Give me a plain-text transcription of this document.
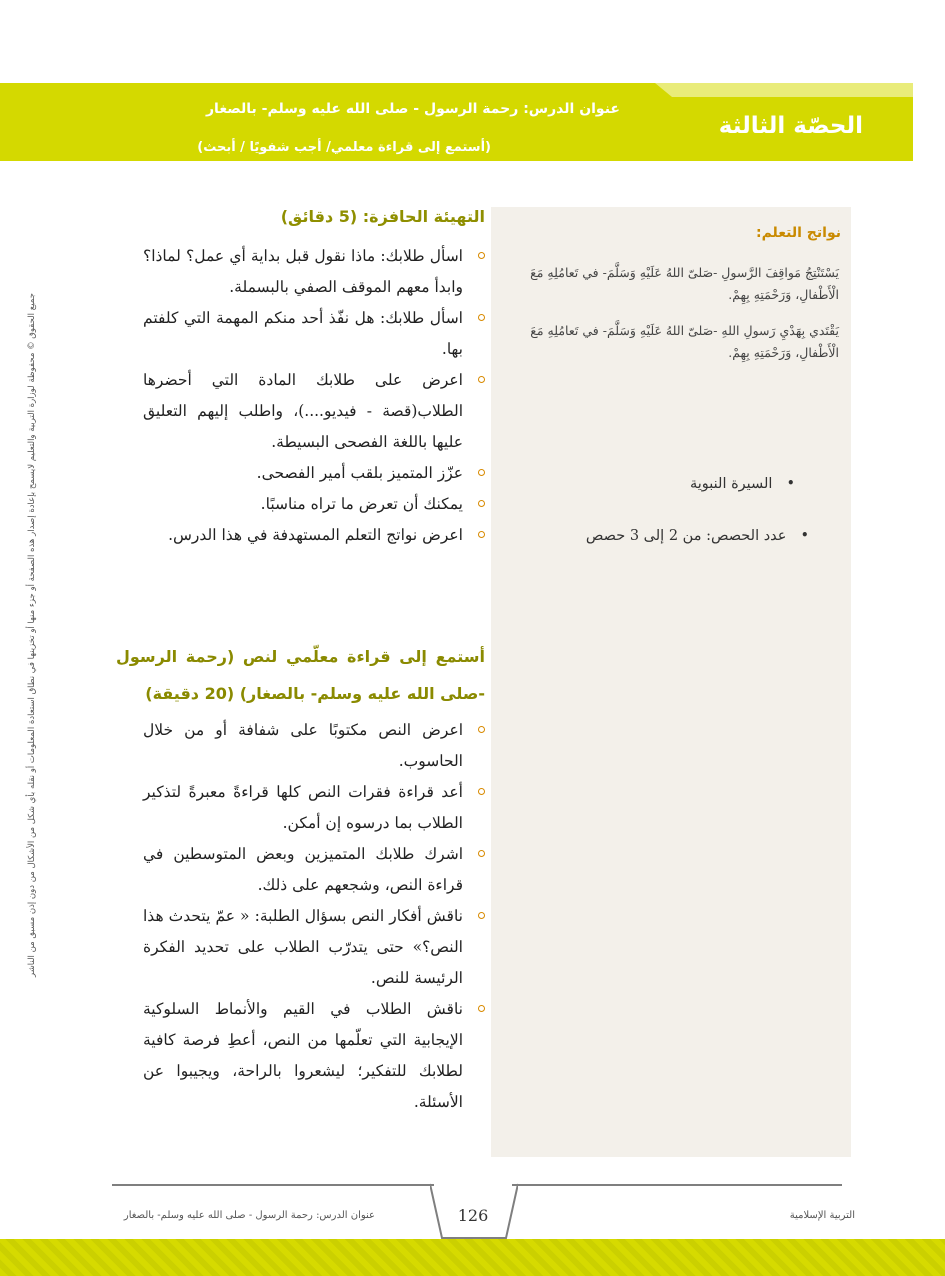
عنوان الدرس: رحمة الرسول - صلى الله عليه وسلم- بالصغار
(أستمع إلى قراءة معلمي/ أجب شفويًا / أبحث)
الحصّة الثالثة
جميع الحقوق © محفوظة لوزارة التربية والتعليم لايسمح بإعادة إصدار هذه الصفحة أو جزء منها أو تخزينها في نطاق استعادة المعلومات أو نقله بأي شكل من الأشكال من دون إذن مسبق من الناشر
نواتج التعلم:
يَسْتَنْتِجُ مَواقِفَ الرَّسولِ -صَلىّ اللهُ عَلَيْهِ وَسَلَّمَ- في تَعامُلِهِ مَعَ الْأَطْفالِ، وَرَحْمَتِهِ بِهِمْ.
يَقْتَدي بِهَدْيِ رَسولِ اللهِ -صَلىّ اللهُ عَلَيْهِ وَسَلَّمَ- في تَعامُلِهِ مَعَ الْأَطْفالِ، وَرَحْمَتِهِ بِهِمْ.
• السيرة النبوية
• عدد الحصص: من 2 إلى 3 حصص
التهيئة الحافزة: (5 دقائق)
اسأل طلابك: ماذا نقول قبل بداية أي عمل؟ لماذا؟ وابدأ معهم الموقف الصفي بالبسملة.
اسأل طلابك: هل نفّذ أحد منكم المهمة التي كلفتم بها.
اعرض على طلابك المادة التي أحضرها الطلاب(قصة - فيديو....)، واطلب إليهم التعليق عليها باللغة الفصحى البسيطة.
عزّز المتميز بلقب أمير الفصحى.
يمكنك أن تعرض ما تراه مناسبًا.
اعرض نواتج التعلم المستهدفة في هذا الدرس.
أستمع إلى قراءة معلّمي لنص (رحمة الرسول
-صلى الله عليه وسلم- بالصغار) (20 دقيقة)
اعرض النص مكتوبًا على شفافة أو من خلال الحاسوب.
أعد قراءة فقرات النص كلها قراءةً معبرةً لتذكير الطلاب بما درسوه إن أمكن.
اشرك طلابك المتميزين وبعض المتوسطين في قراءة النص، وشجعهم على ذلك.
ناقش أفكار النص بسؤال الطلبة: « عمّ يتحدث هذا النص؟» حتى يتدرّب الطلاب على تحديد الفكرة الرئيسة للنص.
ناقش الطلاب في القيم والأنماط السلوكية الإيجابية التي تعلّمها من النص، أعطِ فرصة كافية لطلابك للتفكير؛ ليشعروا بالراحة، ويجيبوا عن الأسئلة.
126
عنوان الدرس: رحمة الرسول - صلى الله عليه وسلم- بالصغار	التربية الإسلامية
